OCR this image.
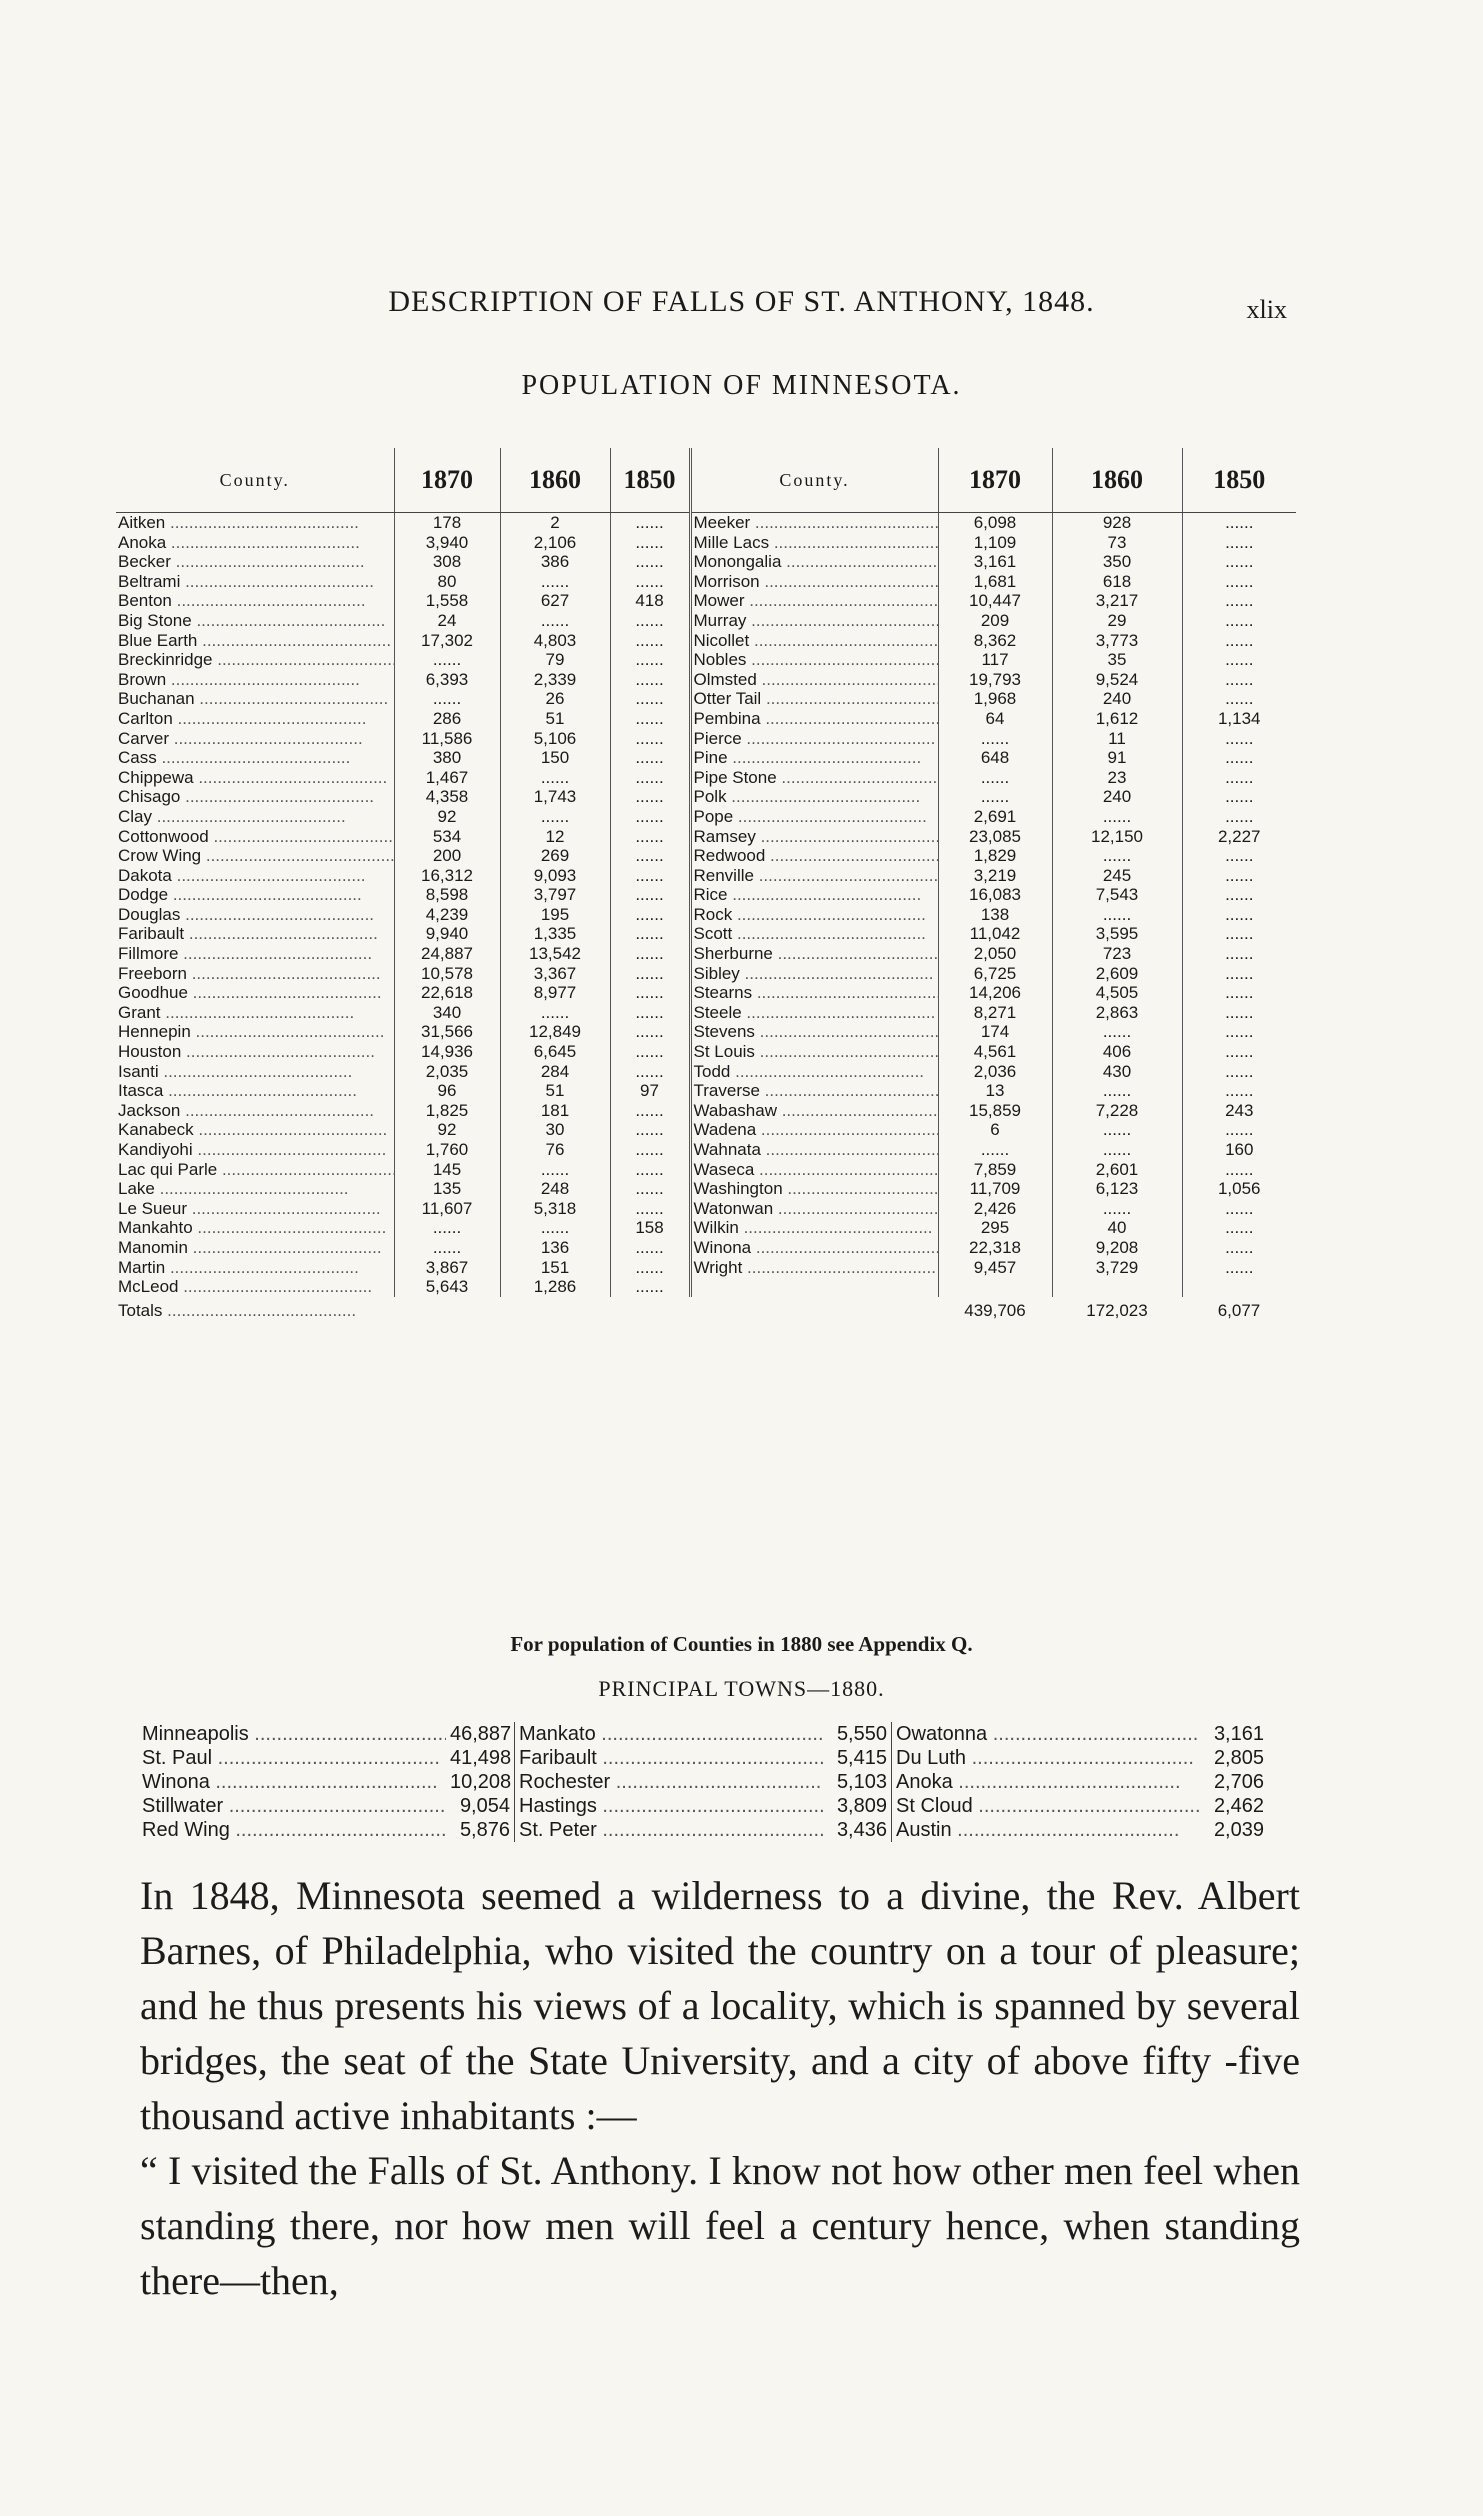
DESCRIPTION OF FALLS OF ST. ANTHONY, 1848.	xlix
POPULATION OF MINNESOTA.
County.	1870	1860	1850	County.	1870	1860	1850
Aitken .....	178	2	......	Meeker .....	6,098	928	......
Anoka .....	3,940	2,106	......	Mille Lacs .....	1,109	73	......
Becker .....	308	386	......	Monongalia .....	3,161	350	......
Beltrami .....	80	......	......	Morrison .....	1,681	618	......
Benton .....	1,558	627	418	Mower .....	10,447	3,217	......
Big Stone .....	24	......	......	Murray .....	209	29	......
Blue Earth .....	17,302	4,803	......	Nicollet .....	8,362	3,773	......
Breckinridge .....	......	79	......	Nobles .....	117	35	......
Brown .....	6,393	2,339	......	Olmsted .....	19,793	9,524	......
Buchanan .....	......	26	......	Otter Tail .....	1,968	240	......
Carlton .....	286	51	......	Pembina .....	64	1,612	1,134
Carver .....	11,586	5,106	......	Pierce .....	......	11	......
Cass .....	380	150	......	Pine .....	648	91	......
Chippewa .....	1,467	......	......	Pipe Stone .....	......	23	......
Chisago .....	4,358	1,743	......	Polk .....	......	240	......
Clay .....	92	......	......	Pope .....	2,691	......	......
Cottonwood .....	534	12	......	Ramsey .....	23,085	12,150	2,227
Crow Wing .....	200	269	......	Redwood .....	1,829	......	......
Dakota .....	16,312	9,093	......	Renville .....	3,219	245	......
Dodge .....	8,598	3,797	......	Rice .....	16,083	7,543	......
Douglas .....	4,239	195	......	Rock .....	138	......	......
Faribault .....	9,940	1,335	......	Scott .....	11,042	3,595	......
Fillmore .....	24,887	13,542	......	Sherburne .....	2,050	723	......
Freeborn .....	10,578	3,367	......	Sibley .....	6,725	2,609	......
Goodhue .....	22,618	8,977	......	Stearns .....	14,206	4,505	......
Grant .....	340	......	......	Steele .....	8,271	2,863	......
Hennepin .....	31,566	12,849	......	Stevens .....	174	......	......
Houston .....	14,936	6,645	......	St Louis .....	4,561	406	......
Isanti .....	2,035	284	......	Todd .....	2,036	430	......
Itasca .....	96	51	97	Traverse .....	13	......	......
Jackson .....	1,825	181	......	Wabashaw .....	15,859	7,228	243
Kanabeck .....	92	30	......	Wadena .....	6	......	......
Kandiyohi .....	1,760	76	......	Wahnata .....	......	......	160
Lac qui Parle .....	145	......	......	Waseca .....	7,859	2,601	......
Lake .....	135	248	......	Washington .....	11,709	6,123	1,056
Le Sueur .....	11,607	5,318	......	Watonwan .....	2,426	......	......
Mankahto .....	......	......	158	Wilkin .....	295	40	......
Manomin .....	......	136	......	Winona .....	22,318	9,208	......
Martin .....	3,867	151	......	Wright .....	9,457	3,729	......
McLeod .....	5,643	1,286	......				
Totals .....					439,706	172,023	6,077
For population of Counties in 1880 see Appendix Q.
PRINCIPAL TOWNS—1880.
Minneapolis .....	46,887	Mankato .....	5,550	Owatonna .....	3,161
St. Paul .....	41,498	Faribault .....	5,415	Du Luth .....	2,805
Winona .....	10,208	Rochester .....	5,103	Anoka .....	2,706
Stillwater .....	9,054	Hastings .....	3,809	St Cloud .....	2,462
Red Wing .....	5,876	St. Peter .....	3,436	Austin .....	2,039

In 1848, Minnesota seemed a wilderness to a divine, the Rev. Albert Barnes, of Philadelphia, who visited the country on a tour of pleasure; and he thus presents his views of a locality, which is spanned by several bridges, the seat of the State University, and a city of above fifty -five thousand active inhabitants :—

“ I visited the Falls of St. Anthony. I know not how other men feel when standing there, nor how men will feel a century hence, when standing there—then,
